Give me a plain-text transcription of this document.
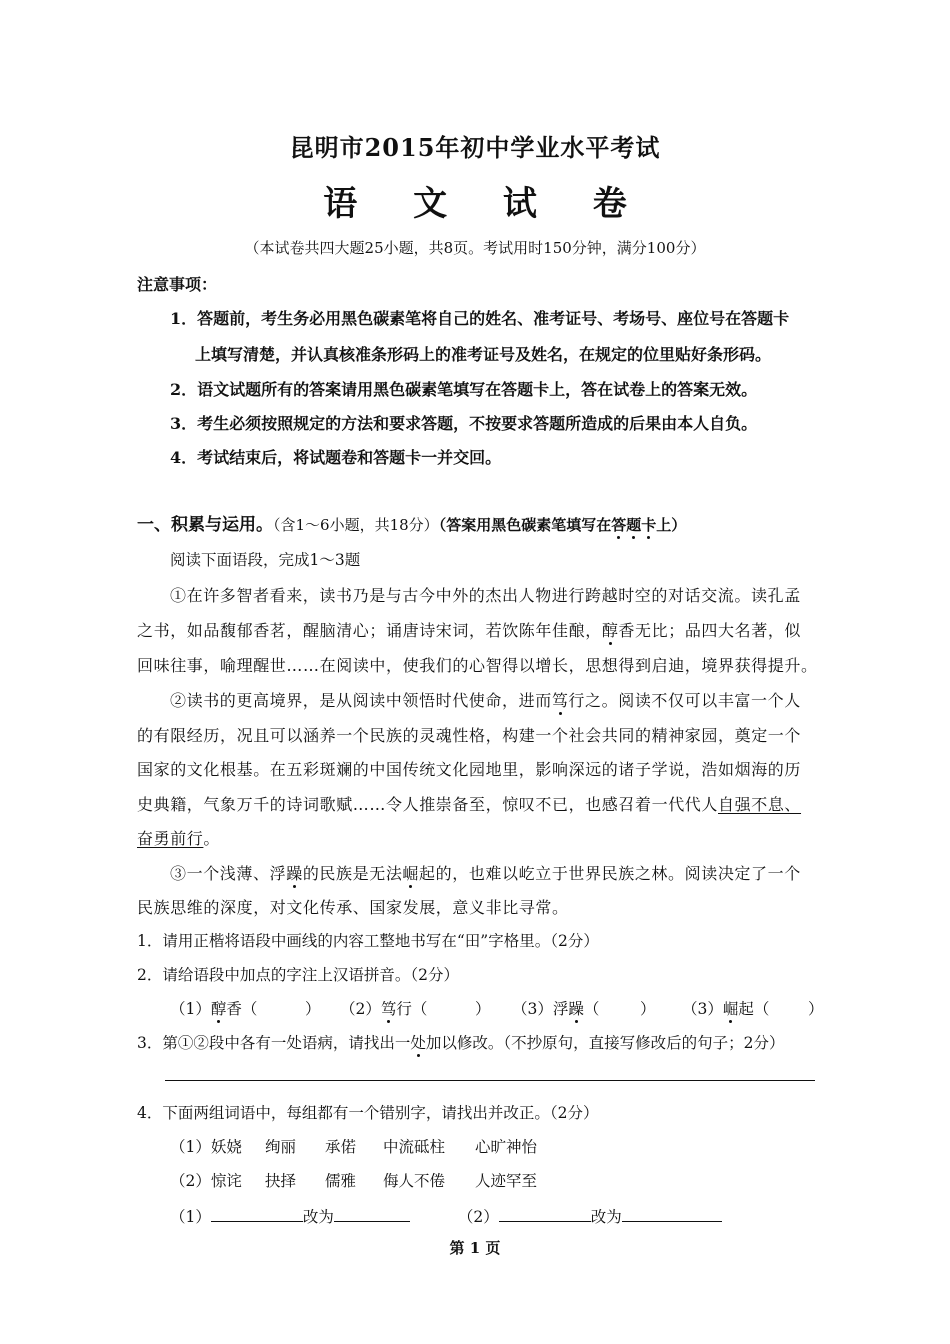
昆明市2015年初中学业水平考试
语 文 试 卷
（本试卷共四大题25小题，共8页。考试用时150分钟，满分100分）
注意事项：
1．答题前，考生务必用黑色碳素笔将自己的姓名、准考证号、考场号、座位号在答题卡
上填写清楚，并认真核准条形码上的准考证号及姓名，在规定的位里贴好条形码。
2．语文试题所有的答案请用黑色碳素笔填写在答题卡上，答在试卷上的答案无效。
3．考生必须按照规定的方法和要求答题，不按要求答题所造成的后果由本人自负。
4．考试结束后，将试题卷和答题卡一并交回。
一、积累与运用。（含1～6小题，共18分）（答案用黑色碳素笔填写在答题卡上）
阅读下面语段，完成1～3题
①在许多智者看来，读书乃是与古今中外的杰出人物进行跨越时空的对话交流。读孔孟
之书，如品馥郁香茗，醒脑清心；诵唐诗宋词，若饮陈年佳酿，醇香无比；品四大名著，似
回味往事，喻理醒世……在阅读中，使我们的心智得以增长，思想得到启迪，境界获得提升。
②读书的更高境界，是从阅读中领悟时代使命，进而笃行之。阅读不仅可以丰富一个人
的有限经历，况且可以涵养一个民族的灵魂性格，构建一个社会共同的精神家园，奠定一个
国家的文化根基。在五彩斑斓的中国传统文化园地里，影响深远的诸子学说，浩如烟海的历
史典籍，气象万千的诗词歌赋……令人推崇备至，惊叹不已，也感召着一代代人自强不息、
奋勇前行。
③一个浅薄、浮躁的民族是无法崛起的，也难以屹立于世界民族之林。阅读决定了一个
民族思维的深度，对文化传承、国家发展，意义非比寻常。
1．请用正楷将语段中画线的内容工整地书写在“田”字格里。（2分）
2．请给语段中加点的字注上汉语拼音。（2分）
（1）醇香（	） （2）笃行（	） （3）浮躁（	） （3）崛起（ ）
3．第①②段中各有一处语病，请找出一处加以修改。（不抄原句，直接写修改后的句子；2分）
4．下面两组词语中，每组都有一个错别字，请找出并改正。（2分）
（1）妖娆 绚丽 承偌 中流砥柱 心旷神怡
（2）惊诧 抉择 儒雅 侮人不倦 人迹罕至
（1）	改为	（2）	改为
第 1 页
